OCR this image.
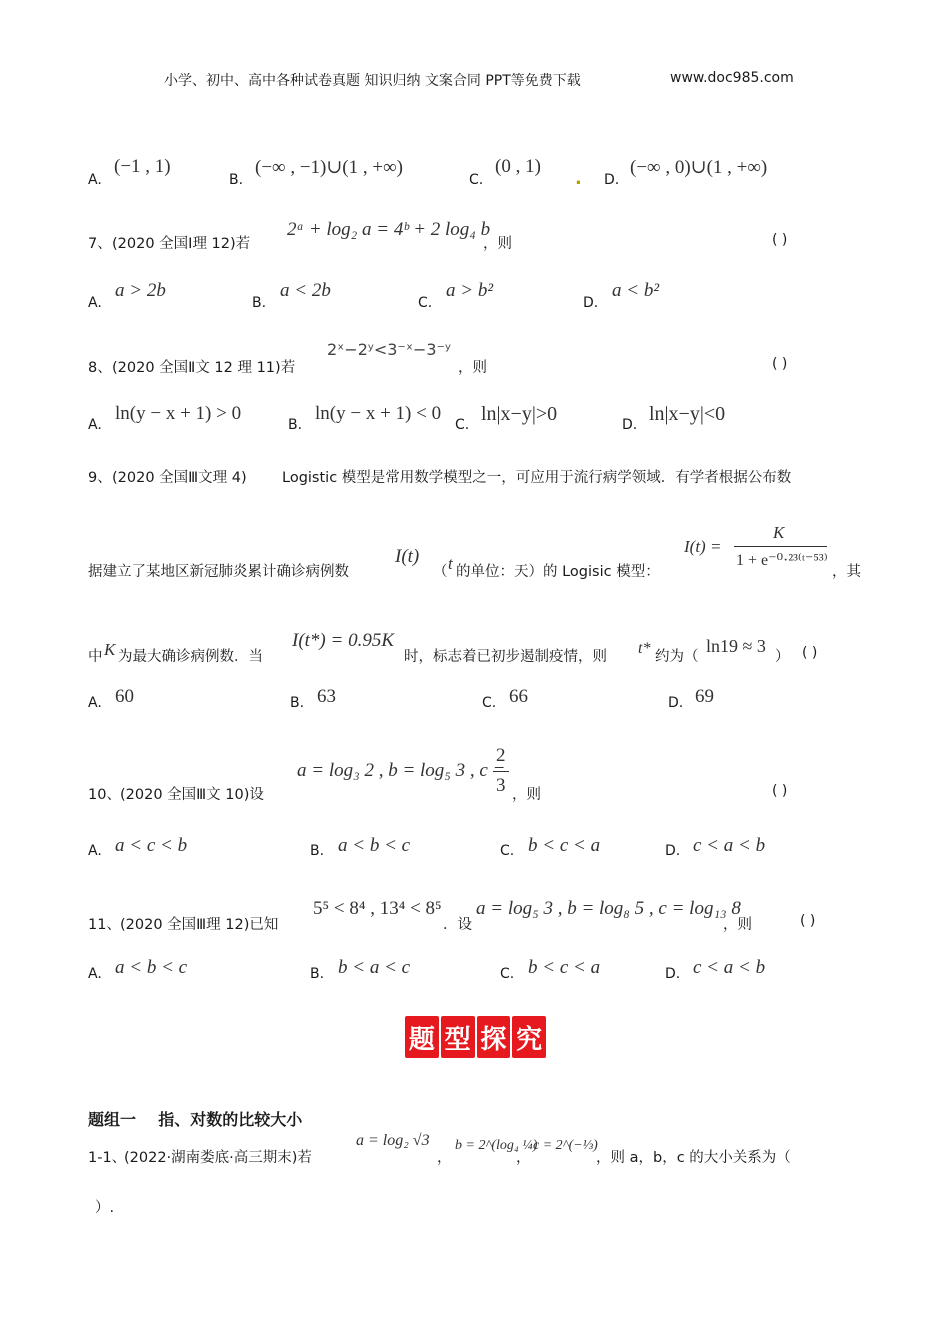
小学、初中、高中各种试卷真题 知识归纳 文案合同 PPT等免费下载	www.doc985.com
A.
(−1 , 1)
B.
(−∞ , −1)∪(1 , +∞)
C.
(0 , 1)
. D.
(−∞ , 0)∪(1 , +∞)
7、 (2020 全国Ⅰ理 12)若
2ᵃ + log₂ a = 4ᵇ + 2 log₄ b
，则	( )
A.
a > 2b
B.
a < 2b
C.
a > b²
D.
a < b²
8、 (2020 全国Ⅱ文 12 理 11)若
2ˣ−2ʸ<3⁻ˣ−3⁻ʸ
，则	( )
A.
ln(y − x + 1) > 0
B.
ln(y − x + 1) < 0
C. ln|x−y|>0	D. ln|x−y|<0
9、 (2020 全国Ⅲ文理 4) Logistic 模型是常用数学模型之一，可应用于流行病学领域．有学者根据公布数
据建立了某地区新冠肺炎累计确诊病例数
I(t)
（ t 的单位：天）的 Logisic 模型：
I(t) =
K
1 + e⁻⁰·²³⁽ᵗ⁻⁵³⁾
，其
中 K 为最大确诊病例数．当
I(t*) = 0.95K
时，标志着已初步遏制疫情，则 t* 约为（
ln19 ≈ 3
） ( )
A. 60	B. 63	C. 66	D. 69
10、 (2020 全国Ⅲ文 10)设
a = log₃ 2 , b = log₅ 3 , c =
2
3 ，则	( )
A. a < c < b	B. a < b < c	C. b < c < a	D. c < a < b
11、 (2020 全国Ⅲ理 12)已知
5⁵ < 8⁴ , 13⁴ < 8⁵
．设
a = log₅ 3 , b = log₈ 5 , c = log₁₃ 8
，则	( )
A. a < b < c	B. b < a < c	C. b < c < a	D. c < a < b
题 型 探 究
题组一    指、对数的比较大小
1-1、
(2022·湖南娄底·高三期末)若
a = log₂ √3
，
b = 2^(log₄ ¼)
，
c = 2^(−⅓)
，则 a，b，c 的大小关系为（
）.
